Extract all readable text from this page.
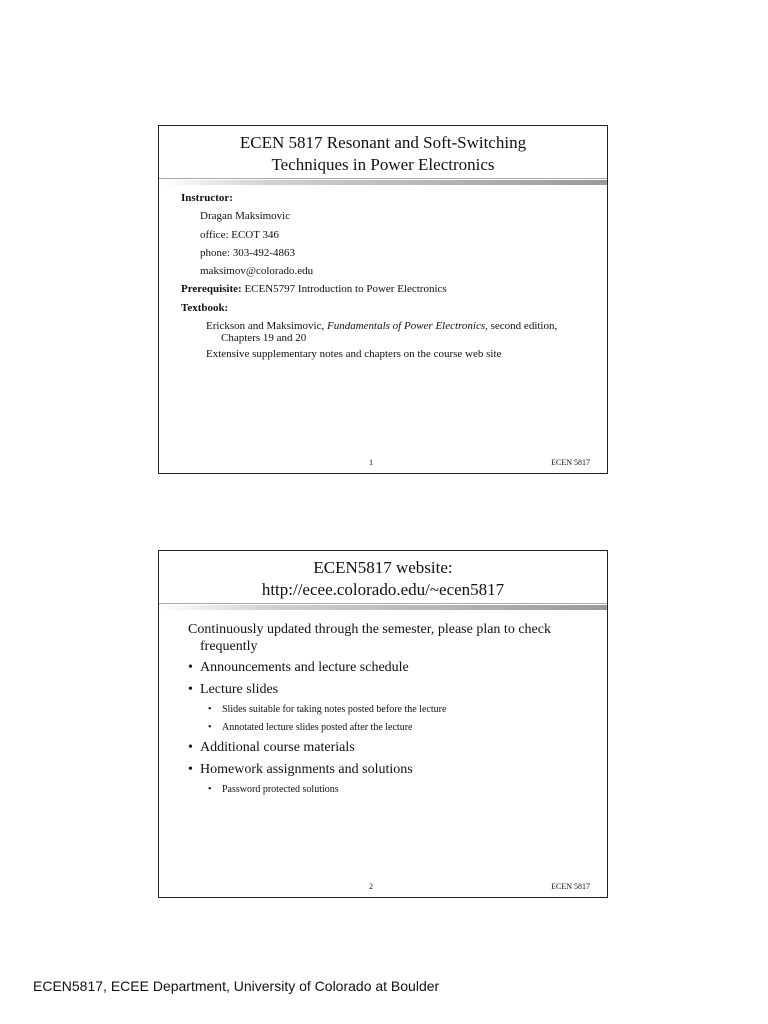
ECEN 5817 Resonant and Soft-Switching
Techniques in Power Electronics
Instructor:
Dragan Maksimovic
office: ECOT 346
phone: 303-492-4863
maksimov@colorado.edu
Prerequisite: ECEN5797 Introduction to Power Electronics
Textbook:
Erickson and Maksimovic, Fundamentals of Power Electronics, second edition,
Chapters 19 and 20
Extensive supplementary notes and chapters on the course web site
1	ECEN 5817
ECEN5817 website:
http://ecee.colorado.edu/~ecen5817
Continuously updated through the semester, please plan to check
frequently
• Announcements and lecture schedule
• Lecture slides
•	Slides suitable for taking notes posted before the lecture
•	Annotated lecture slides posted after the lecture
• Additional course materials
• Homework assignments and solutions
•	Password protected solutions
2	ECEN 5817
ECEN5817, ECEE Department, University of Colorado at Boulder
